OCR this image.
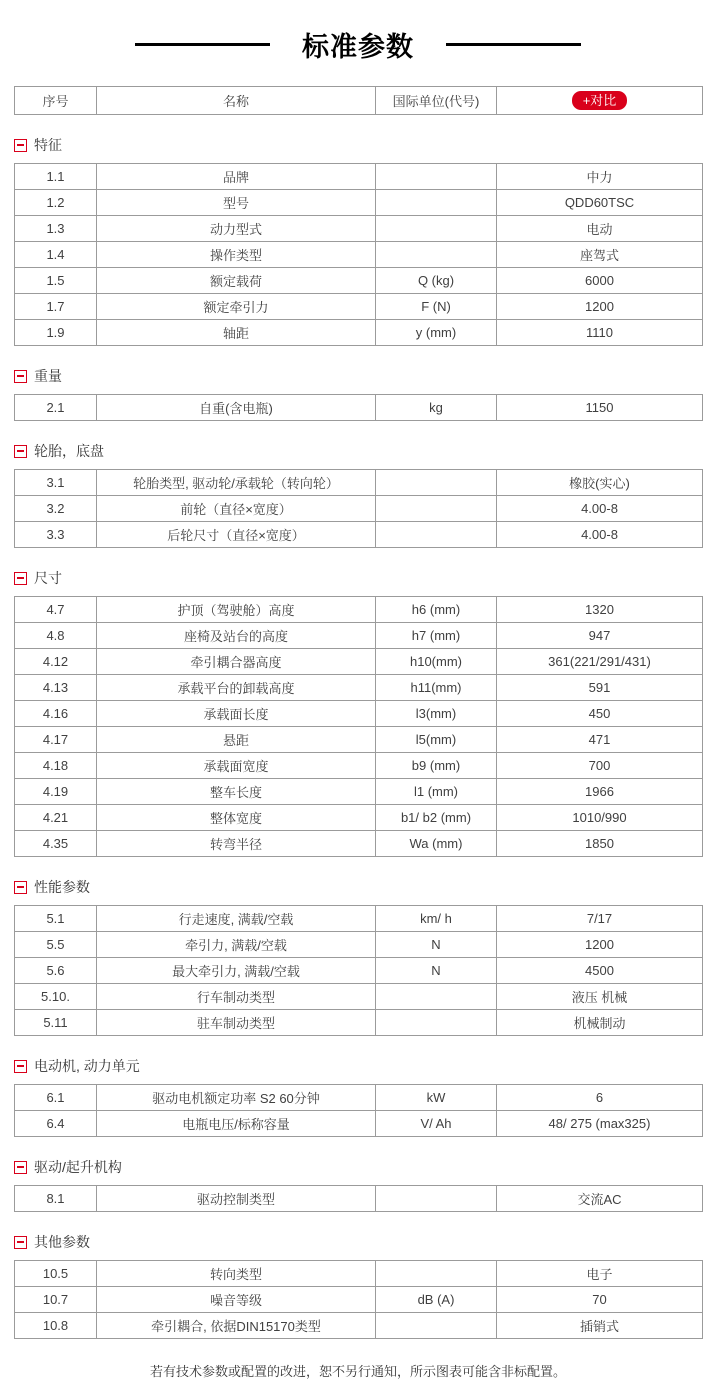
标准参数
序号	名称	国际单位(代号)	+对比
特征
1.1	品牌		中力
1.2	型号		QDD60TSC
1.3	动力型式		电动
1.4	操作类型		座驾式
1.5	额定载荷	Q (kg)	6000
1.7	额定牵引力	F (N)	1200
1.9	轴距	y (mm)	1110
重量
2.1	自重(含电瓶)	kg	1150
轮胎，底盘
3.1	轮胎类型, 驱动轮/承载轮（转向轮）		橡胶(实心)
3.2	前轮（直径×宽度）		4.00-8
3.3	后轮尺寸（直径×宽度）		4.00-8
尺寸
4.7	护顶（驾驶舱）高度	h6 (mm)	1320
4.8	座椅及站台的高度	h7 (mm)	947
4.12	牵引耦合器高度	h10(mm)	361(221/291/431)
4.13	承载平台的卸载高度	h11(mm)	591
4.16	承载面长度	l3(mm)	450
4.17	悬距	l5(mm)	471
4.18	承载面宽度	b9 (mm)	700
4.19	整车长度	l1 (mm)	1966
4.21	整体宽度	b1/ b2 (mm)	1010/990
4.35	转弯半径	Wa (mm)	1850
性能参数
5.1	行走速度, 满载/空载	km/ h	7/17
5.5	牵引力, 满载/空载	N	1200
5.6	最大牵引力, 满载/空载	N	4500
5.10.	行车制动类型		液压 机械
5.11	驻车制动类型		机械制动
电动机, 动力单元
6.1	驱动电机额定功率 S2 60分钟	kW	6
6.4	电瓶电压/标称容量	V/ Ah	48/ 275 (max325)
驱动/起升机构
8.1	驱动控制类型		交流AC
其他参数
10.5	转向类型		电子
10.7	噪音等级	dB (A)	70
10.8	牵引耦合, 依据DIN15170类型		插销式
若有技术参数或配置的改进，恕不另行通知，所示图表可能含非标配置。
